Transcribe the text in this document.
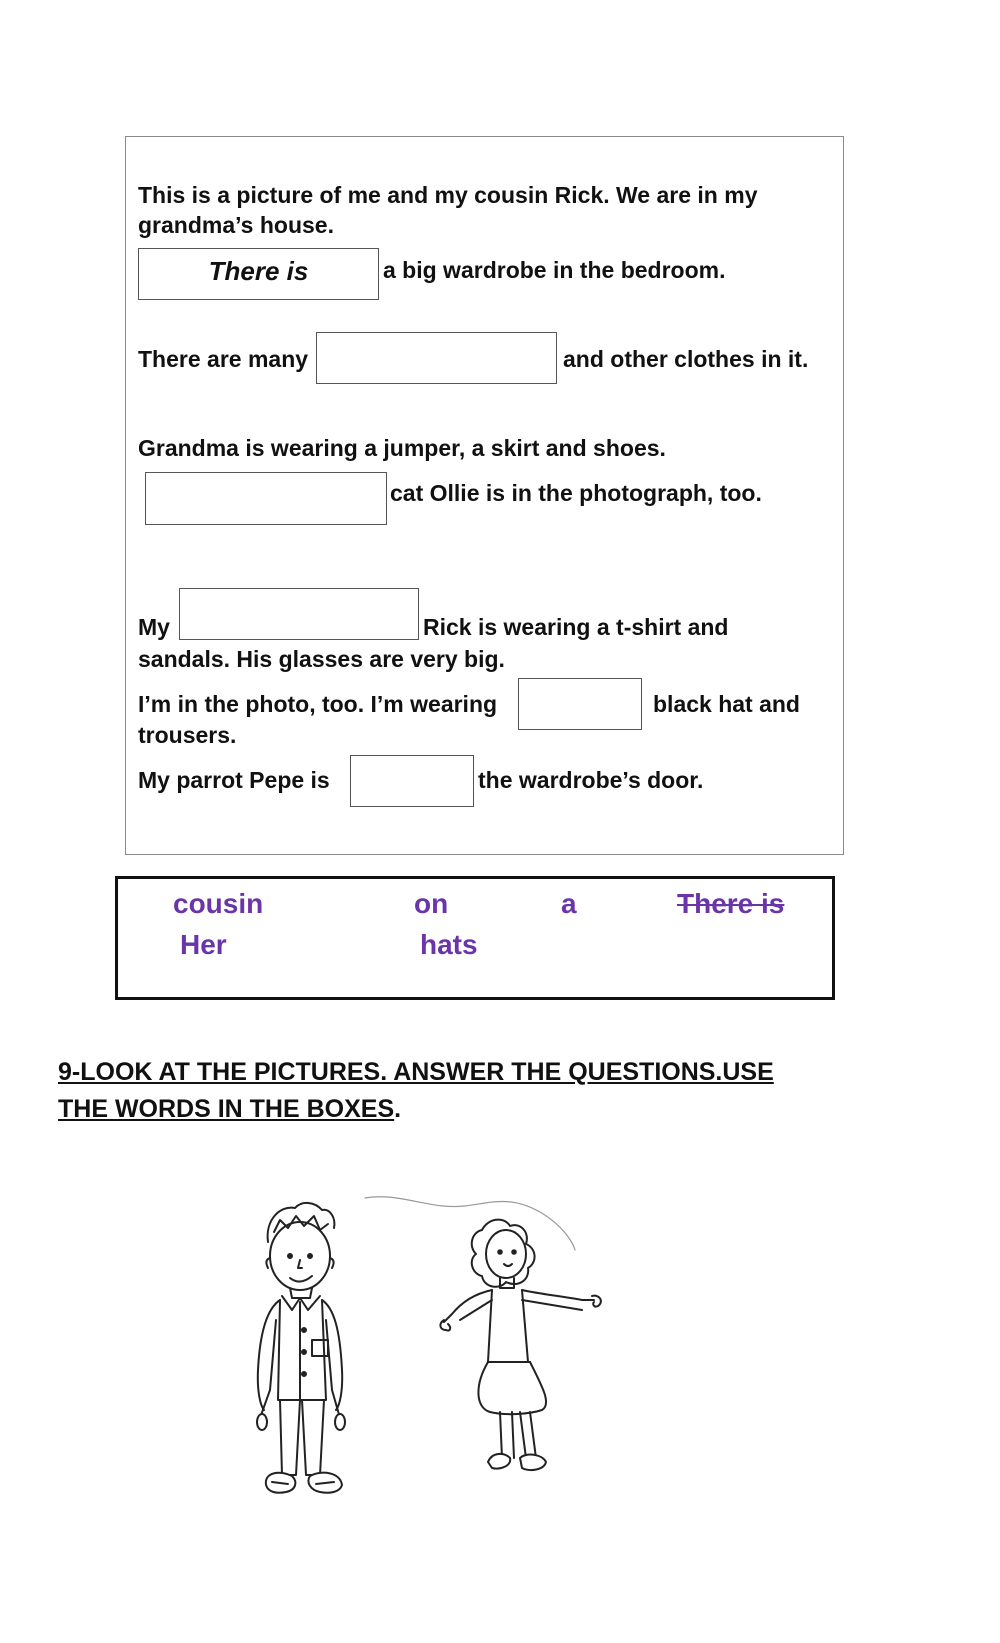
This is a picture of me and my cousin Rick. We are in my
grandma’s house.
There is	a big wardrobe in the bedroom.
There are many	and other clothes in it.
Grandma is wearing a jumper, a skirt and shoes.
cat Ollie is in the photograph, too.
My	Rick is wearing a t-shirt and
sandals. His glasses are very big.
I’m in the photo, too. I’m wearing	black hat and
trousers.
My parrot Pepe is	the wardrobe’s door.
cousin	on	a	There is
Her	hats
9-LOOK AT THE PICTURES. ANSWER THE QUESTIONS.USE
THE WORDS IN THE BOXES.
